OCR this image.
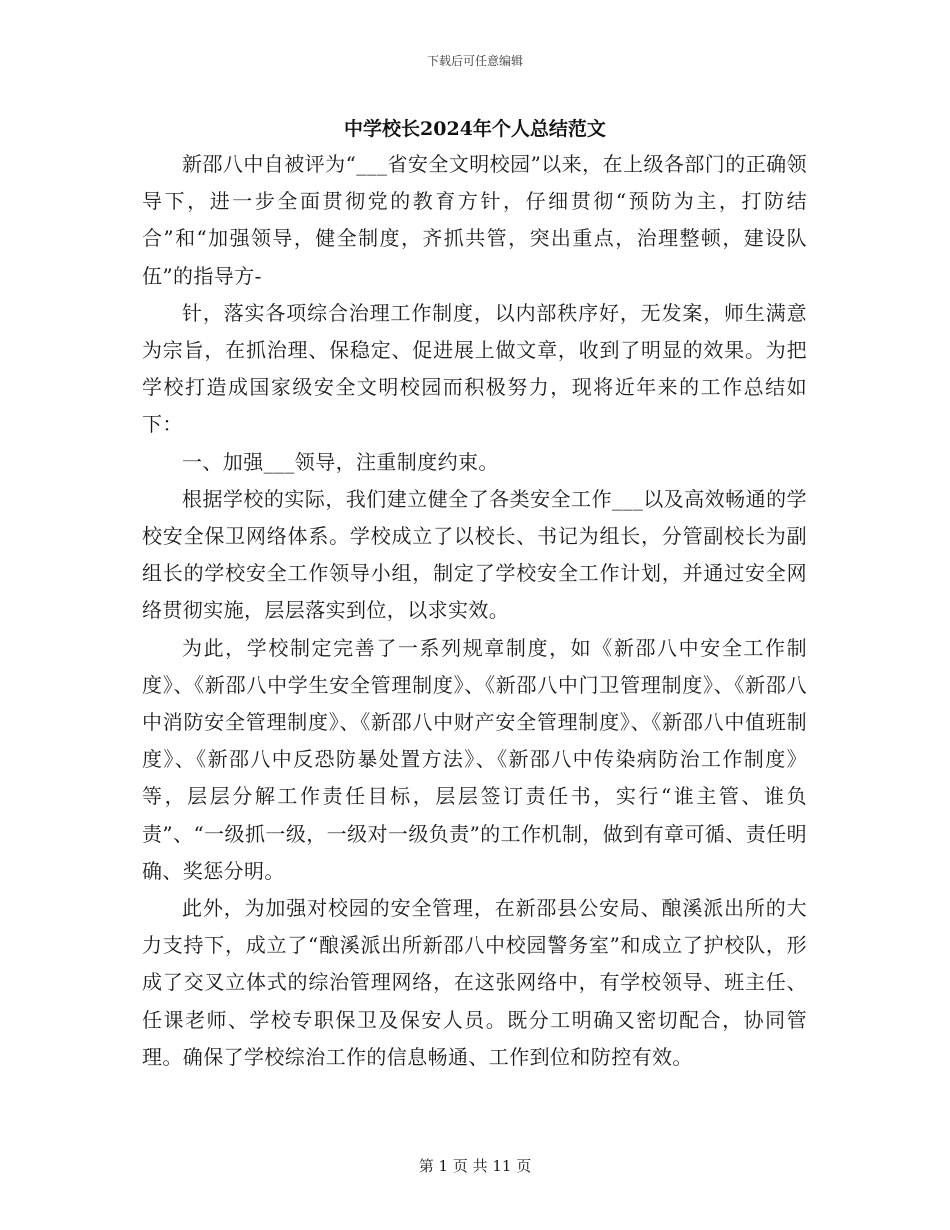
下载后可任意编辑
中学校长2024年个人总结范文

新邵八中自被评为“___省安全文明校园”以来，在上级各部门的正确领导下，进一步全面贯彻党的教育方针，仔细贯彻“预防为主，打防结合”和“加强领导，健全制度，齐抓共管，突出重点，治理整顿，建设队伍”的指导方-

针，落实各项综合治理工作制度，以内部秩序好，无发案，师生满意为宗旨，在抓治理、保稳定、促进展上做文章，收到了明显的效果。为把学校打造成国家级安全文明校园而积极努力，现将近年来的工作总结如下：

一、加强___领导，注重制度约束。

根据学校的实际，我们建立健全了各类安全工作___以及高效畅通的学校安全保卫网络体系。学校成立了以校长、书记为组长，分管副校长为副组长的学校安全工作领导小组，制定了学校安全工作计划，并通过安全网络贯彻实施，层层落实到位，以求实效。

为此，学校制定完善了一系列规章制度，如《新邵八中安全工作制度》、《新邵八中学生安全管理制度》、《新邵八中门卫管理制度》、《新邵八中消防安全管理制度》、《新邵八中财产安全管理制度》、《新邵八中值班制度》、《新邵八中反恐防暴处置方法》、《新邵八中传染病防治工作制度》等，层层分解工作责任目标，层层签订责任书，实行“谁主管、谁负责”、“一级抓一级，一级对一级负责”的工作机制，做到有章可循、责任明确、奖惩分明。

此外，为加强对校园的安全管理，在新邵县公安局、酿溪派出所的大力支持下，成立了“酿溪派出所新邵八中校园警务室”和成立了护校队，形成了交叉立体式的综治管理网络，在这张网络中，有学校领导、班主任、任课老师、学校专职保卫及保安人员。既分工明确又密切配合，协同管理。确保了学校综治工作的信息畅通、工作到位和防控有效。

第 1 页 共 11 页
